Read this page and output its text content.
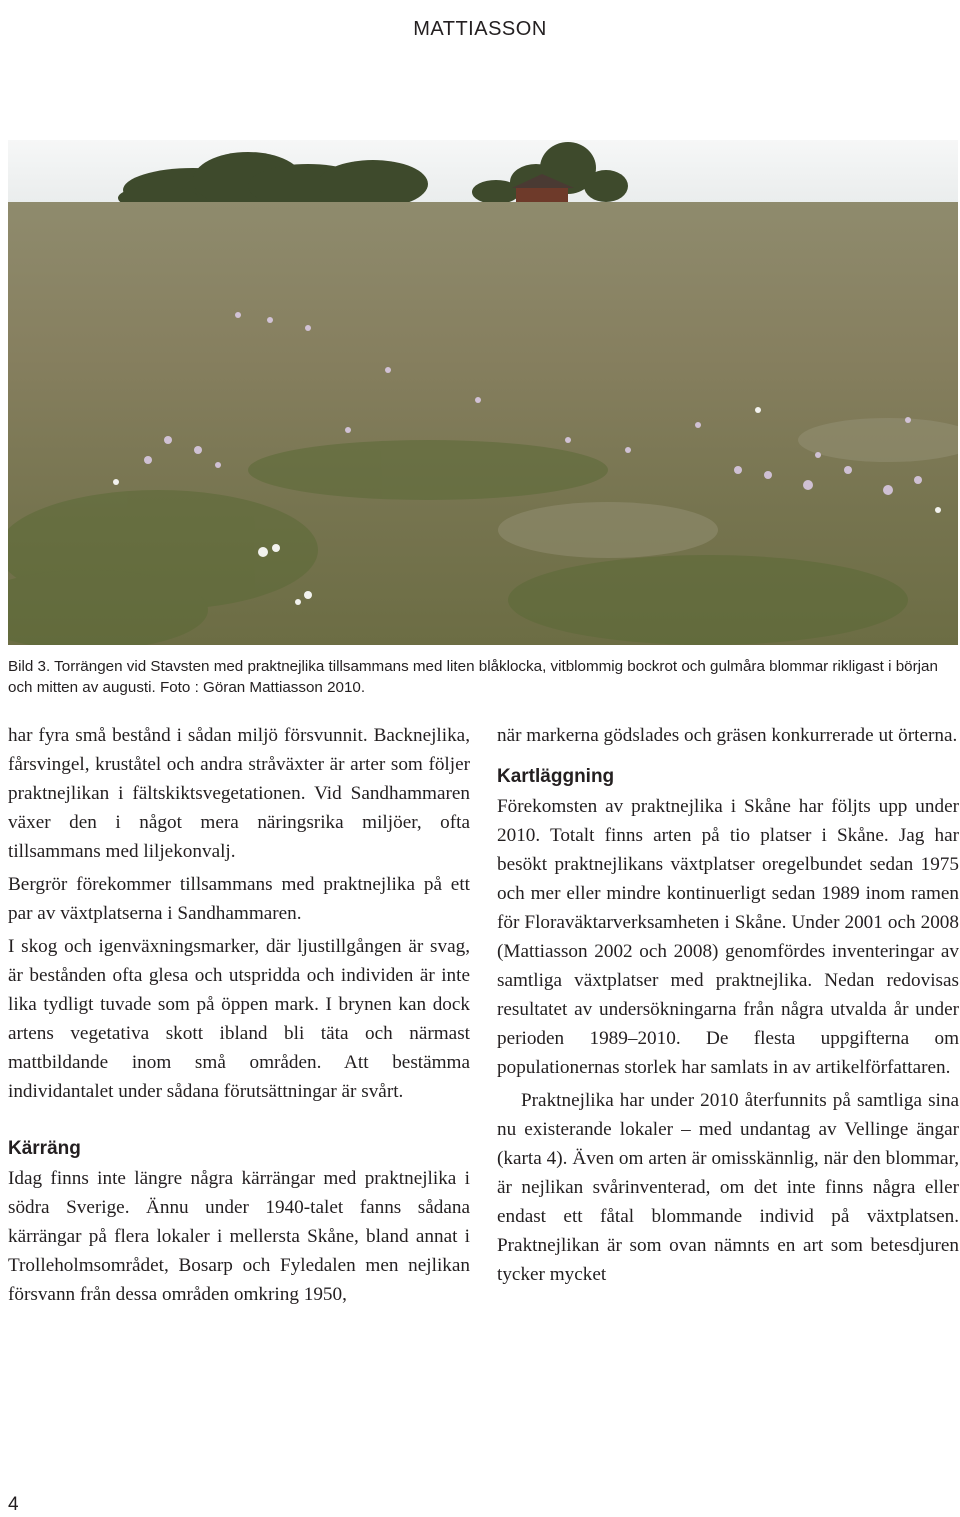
MATTIASSON
Bild 3. Torrängen vid Stavsten med praktnejlika tillsammans med liten blåklocka, vitblommig bockrot och gulmåra blommar rikligast i början och mitten av augusti. Foto : Göran Mattiasson 2010.

har fyra små bestånd i sådan miljö försvunnit. Backnejlika, fårsvingel, kruståtel och andra stråväxter är arter som följer praktnejlikan i fältskiktsvegetationen. Vid Sandhammaren växer den i något mera näringsrika miljöer, ofta tillsammans med liljekonvalj.

Bergrör förekommer tillsammans med praktnejlika på ett par av växtplatserna i Sandhammaren.

I skog och igenväxningsmarker, där ljustillgången är svag, är bestånden ofta glesa och utspridda och individen är inte lika tydligt tuvade som på öppen mark. I brynen kan dock artens vegetativa skott ibland bli täta och närmast mattbildande inom små områden. Att bestämma individantalet under sådana förutsättningar är svårt.

Kärräng

Idag finns inte längre några kärrängar med praktnejlika i södra Sverige. Ännu under 1940-talet fanns sådana kärrängar på flera lokaler i mellersta Skåne, bland annat i Trolleholmsområdet, Bosarp och Fyledalen men nejlikan försvann från dessa områden omkring 1950,

när markerna gödslades och gräsen konkurrerade ut örterna.

Kartläggning

Förekomsten av praktnejlika i Skåne har följts upp under 2010. Totalt finns arten på tio platser i Skåne. Jag har besökt praktnejlikans växtplatser oregelbundet sedan 1975 och mer eller mindre kontinuerligt sedan 1989 inom ramen för Floraväktarverksamheten i Skåne. Under 2001 och 2008 (Mattiasson 2002 och 2008) genomfördes inventeringar av samtliga växtplatser med praktnejlika. Nedan redovisas resultatet av undersökningarna från några utvalda år under perioden 1989–2010. De flesta uppgifterna om populationernas storlek har samlats in av artikelförfattaren.

Praktnejlika har under 2010 återfunnits på samtliga sina nu existerande lokaler – med undantag av Vellinge ängar (karta 4). Även om arten är omisskännlig, när den blommar, är nejlikan svårinventerad, om det inte finns några eller endast ett fåtal blommande individ på växtplatsen. Praktnejlikan är som ovan nämnts en art som betesdjuren tycker mycket

4
